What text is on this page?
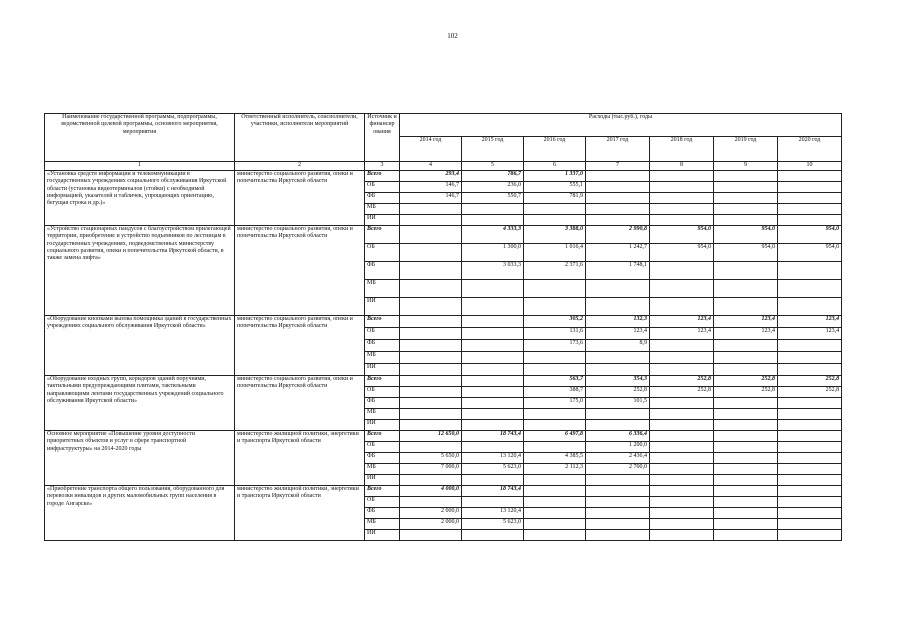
102
Наименование государственной программы, подпрограммы, ведомственной целевой программы, основного мероприятия, мероприятия	Ответственный исполнитель, соисполнители, участники, исполнители мероприятий	Источник и финансир ования	Расходы (тыс.руб.), годы						
			2014 год	2015 год	2016 год	2017 год	2018 год	2019 год	2020 год
1	2	3	4	5	6	7	8	9	10
«Установка средств информации и телекоммуникации в государственных учреждениях социального обслуживания Иркутской области (установка видеотерминалов (стойки) с необходимой информацией, указателей и табличек, упрощающих ориентацию, бегущая строка и др.)»	министерство социального развития, опеки и попечительства Иркутской области	Всего	293,4	786,7	1 337,0				
		ОБ	146,7	236,0	555,1				
		ФБ	146,7	550,7	781,9				
		МБ							
		ИИ							
«Устройство стационарных пандусов с благоустройством прилегающей территории, приобретение и устройство подъемников по лестницам в государственных учреждениях, подведомственных министерству социального развития, опеки и попечительства Иркутской области, в также замена лифта»	министерство социального развития, опеки и попечительства Иркутской области	Всего		4 333,3	3 388,0	2 990,8	954,0	954,0	954,0
		ОБ		1 300,0	1 016,4	1 242,7	954,0	954,0	954,0
		ФБ		3 033,3	2 371,6	1 748,1			
		МБ							
		ИИ							
«Оборудование кнопками вызова помощника зданий в государственных учреждениях социального обслуживания Иркутской области»	министерство социального развития, опеки и попечительства Иркутской области	Всего			305,2	132,3	123,4	123,4	123,4
		ОБ			131,6	123,4	123,4	123,4	123,4
		ФБ			173,6	8,9			
		МБ							
		ИИ							
«Оборудование входных групп, коридоров зданий поручнями, тактильными предупреждающими плитами, тактильными направляющими лентами государственных учреждений социального обслуживания Иркутской области»	министерство социального развития, опеки и попечительства Иркутской области	Всего			563,7	354,3	252,8	252,8	252,8
		ОБ			388,7	252,8	252,8	252,8	252,8
		ФБ			175,0	101,5			
		МБ							
		ИИ							
Основное мероприятие «Повышение уровня доступности приоритетных объектов и услуг в сфере транспортной инфраструктуры» на 2014-2020 годы	министерство жилищной политики, энергетики и транспорта Иркутской области	Всего	12 650,0	18 743,4	6 497,8	6 336,4			
		ОБ				1 200,0			
		ФБ	5 650,0	13 120,4	4 385,5	2 436,4			
		МБ	7 000,0	5 623,0	2 112,3	2 700,0			
		ИИ							
«Приобретение транспорта общего пользования, оборудованного для перевозки инвалидов и других маломобильных групп населения в городе Ангарске»	министерство жилищной политики, энергетики и транспорта Иркутской области	Всего	4 000,0	18 743,4					
		ОБ							
		ФБ	2 000,0	13 120,4					
		МБ	2 000,0	5 623,0					
		ИИ							
